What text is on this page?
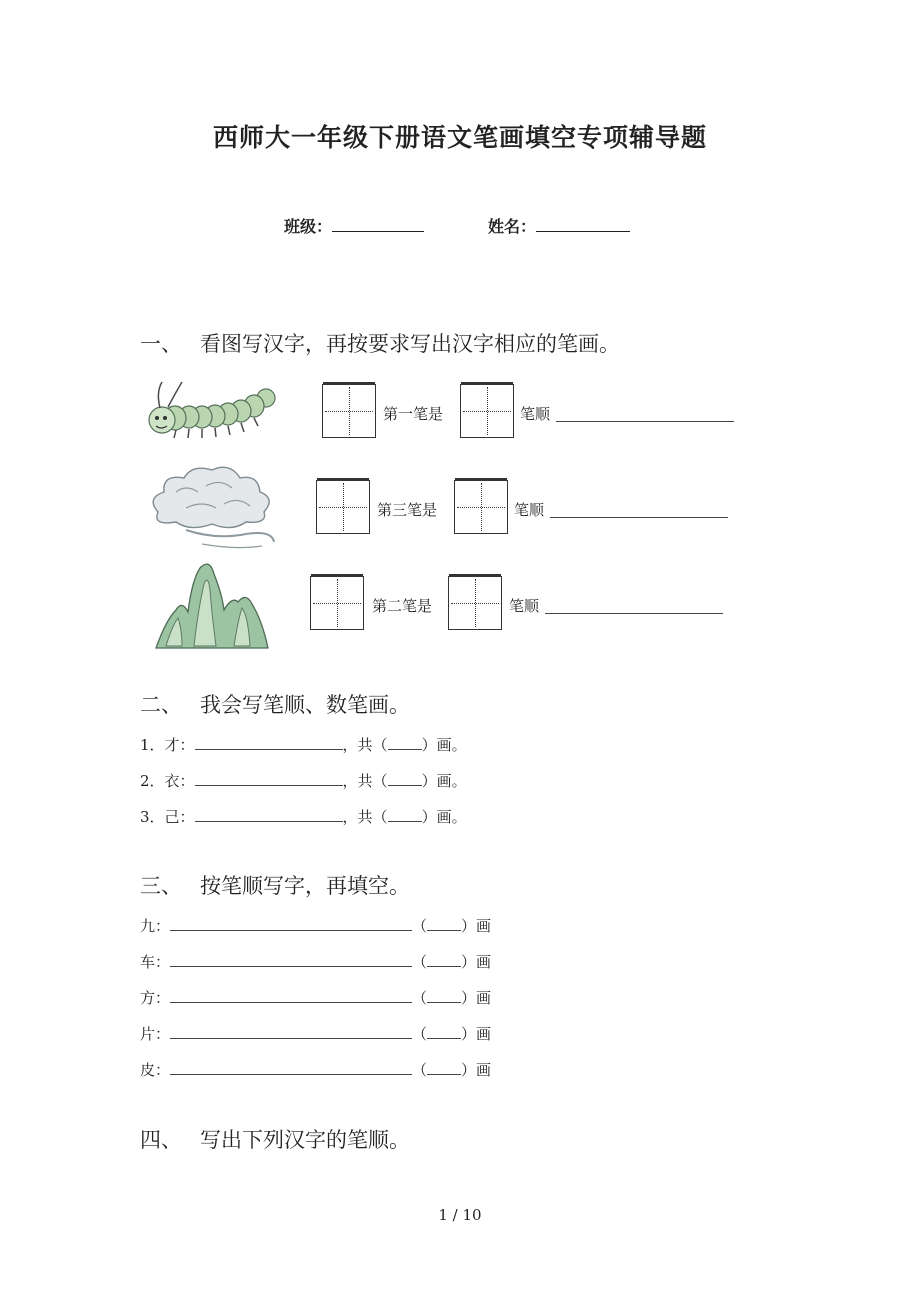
西师大一年级下册语文笔画填空专项辅导题
班级：	姓名：
一、 看图写汉字，再按要求写出汉字相应的笔画。
第一笔是	笔顺
第三笔是	笔顺
第二笔是	笔顺
二、 我会写笔顺、数笔画。
1．才：	，共（ ）画。
2．衣：	，共（ ）画。
3．己：	，共（ ）画。
三、 按笔顺写字，再填空。
九：	（ ）画
车：	（ ）画
方：	（ ）画
片：	（ ）画
皮：	（ ）画
四、 写出下列汉字的笔顺。
1 / 10
